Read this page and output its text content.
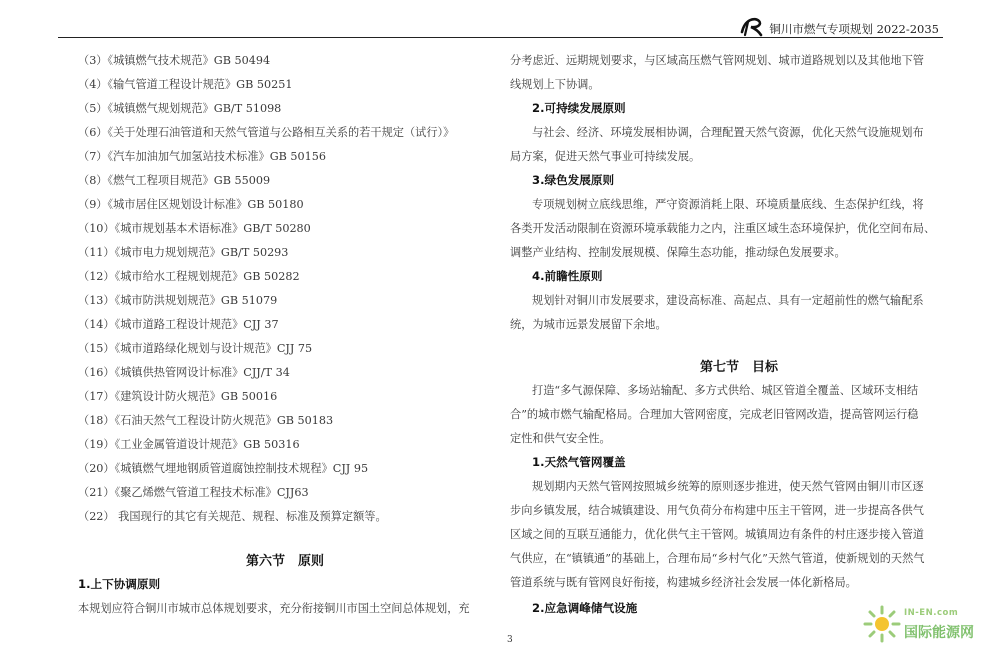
铜川市燃气专项规划 2022-2035
（3）《城镇燃气技术规范》GB 50494
（4）《输气管道工程设计规范》GB 50251
（5）《城镇燃气规划规范》GB/T 51098
（6）《关于处理石油管道和天然气管道与公路相互关系的若干规定（试行）》
（7）《汽车加油加气加氢站技术标准》GB 50156
（8）《燃气工程项目规范》GB 55009
（9）《城市居住区规划设计标准》GB 50180
（10）《城市规划基本术语标准》GB/T 50280
（11）《城市电力规划规范》GB/T 50293
（12）《城市给水工程规划规范》GB 50282
（13）《城市防洪规划规范》GB 51079
（14）《城市道路工程设计规范》CJJ 37
（15）《城市道路绿化规划与设计规范》CJJ 75
（16）《城镇供热管网设计标准》CJJ/T 34
（17）《建筑设计防火规范》GB 50016
（18）《石油天然气工程设计防火规范》GB 50183
（19）《工业金属管道设计规范》GB 50316
（20）《城镇燃气埋地钢质管道腐蚀控制技术规程》CJJ 95
（21）《聚乙烯燃气管道工程技术标准》CJJ63
（22） 我国现行的其它有关规范、规程、标准及预算定额等。
第六节　原则
1.上下协调原则
本规划应符合铜川市城市总体规划要求，充分衔接铜川市国土空间总体规划，充
分考虑近、远期规划要求，与区域高压燃气管网规划、城市道路规划以及其他地下管
线规划上下协调。
2.可持续发展原则
与社会、经济、环境发展相协调，合理配置天然气资源，优化天然气设施规划布
局方案，促进天然气事业可持续发展。
3.绿色发展原则
专项规划树立底线思维，严守资源消耗上限、环境质量底线、生态保护红线，将
各类开发活动限制在资源环境承载能力之内，注重区域生态环境保护，优化空间布局、
调整产业结构、控制发展规模、保障生态功能，推动绿色发展要求。
4.前瞻性原则
规划针对铜川市发展要求，建设高标准、高起点、具有一定超前性的燃气输配系
统，为城市远景发展留下余地。
第七节　目标
打造“多气源保障、多场站输配、多方式供给、城区管道全覆盖、区域环支相结
合”的城市燃气输配格局。合理加大管网密度，完成老旧管网改造，提高管网运行稳
定性和供气安全性。
1.天然气管网覆盖
规划期内天然气管网按照城乡统筹的原则逐步推进，使天然气管网由铜川市区逐
步向乡镇发展，结合城镇建设、用气负荷分布构建中压主干管网，进一步提高各供气
区域之间的互联互通能力，优化供气主干管网。城镇周边有条件的村庄逐步接入管道
气供应，在“镇镇通”的基础上，合理布局“乡村气化”天然气管道，使新规划的天然气
管道系统与既有管网良好衔接，构建城乡经济社会发展一体化新格局。
2.应急调峰储气设施
3
IN-EN.com
国际能源网
